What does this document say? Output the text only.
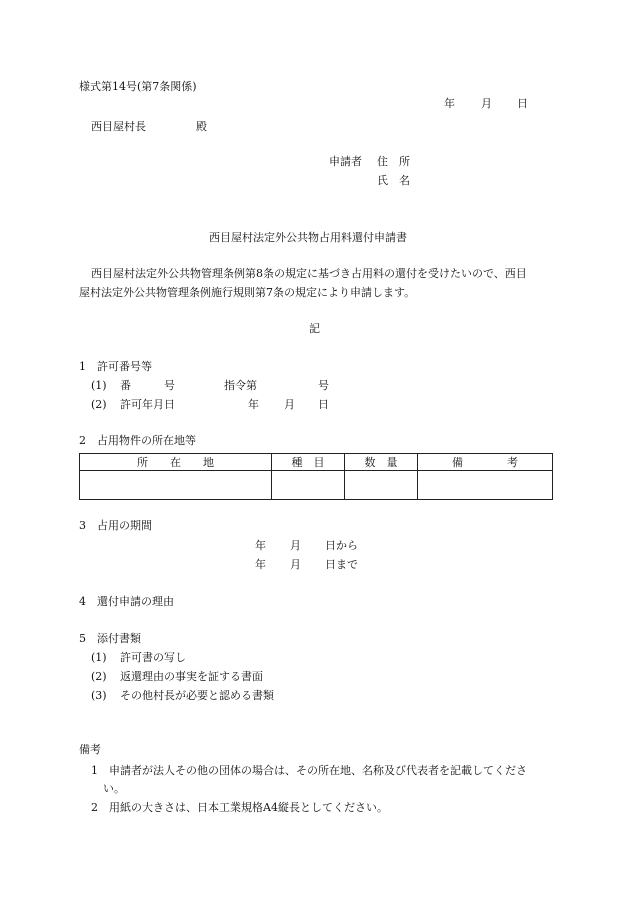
様式第14号(第7条関係)
年 月 日
西目屋村長	殿
申請者 住　所
氏　名
西目屋村法定外公共物占用料還付申請書
西目屋村法定外公共物管理条例第8条の規定に基づき占用料の還付を受けたいので、西目
屋村法定外公共物管理条例施行規則第7条の規定により申請します。
記
1　許可番号等
(1) 番　　　号	指令第	号
(2) 許可年月日	年 月 日
2　占用物件の所在地等
所　　在　　地	種　目	数　量	備　　　　考

3　占用の期間
年 月 日から
年 月 日まで
4　還付申請の理由
5　添付書類
(1) 許可書の写し
(2) 返還理由の事実を証する書面
(3) その他村長が必要と認める書類
備考
1　申請者が法人その他の団体の場合は、その所在地、名称及び代表者を記載してくださ
い。
2　用紙の大きさは、日本工業規格A4縦長としてください。
